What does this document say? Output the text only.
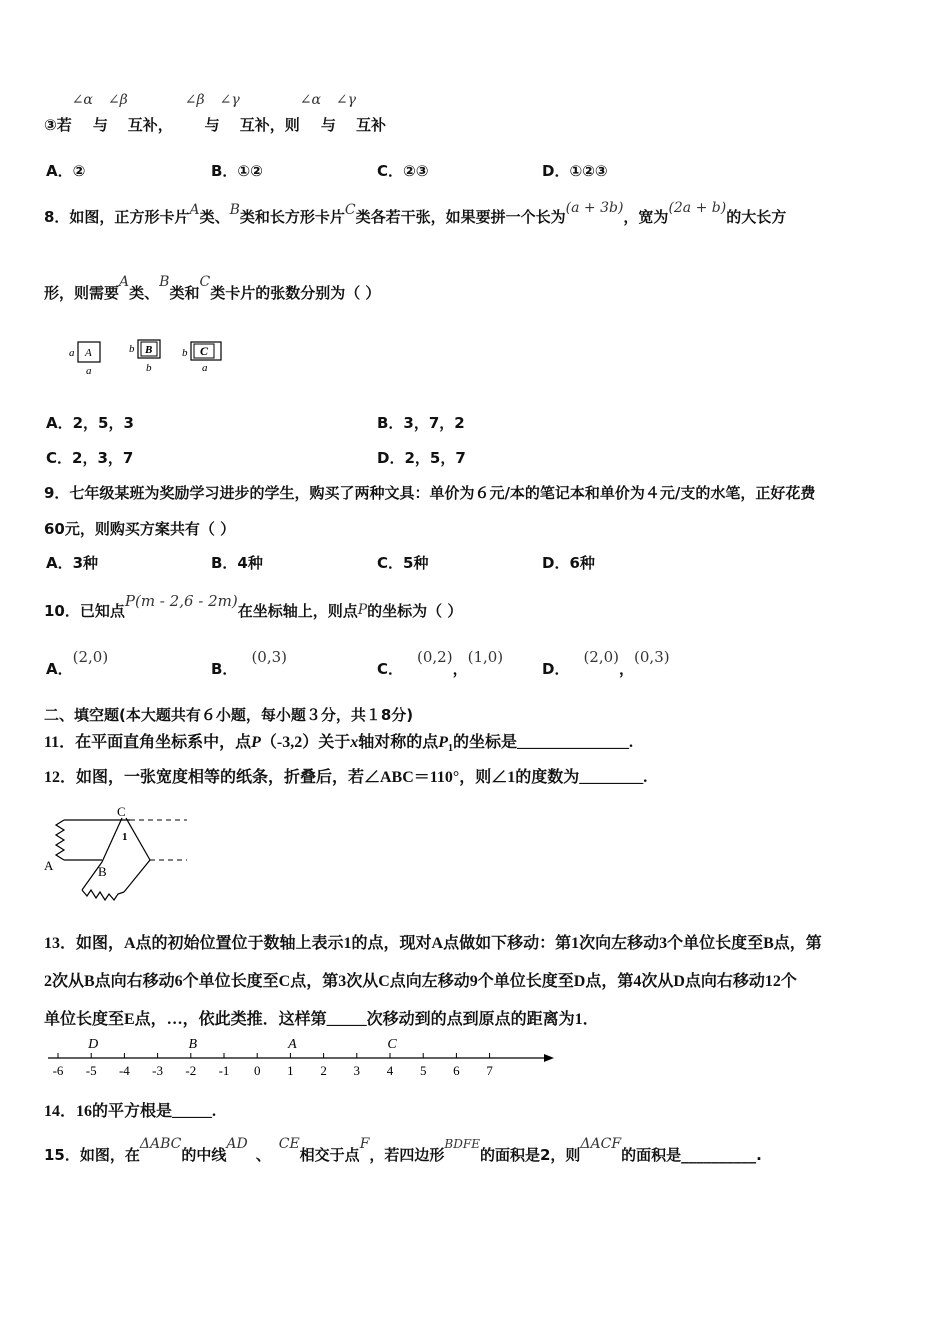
③若∠α与∠β互补，∠β与∠γ互补，则∠α与∠γ互补
A．②	B．①②	C．②③	D．①②③
8．如图，正方形卡片A类、B类和长方形卡片C类各若干张，如果要拼一个长为(a + 3b)，宽为(2a + b)的大长方
形，则需要A类、B类和C类卡片的张数分别为（ ）
a A
a
b B
b
b C
a
A．2，5，3	B．3，7，2
C．2，3，7	D．2，5，7
9．七年级某班为奖励学习进步的学生，购买了两种文具：单价为６元/本的笔记本和单价为４元/支的水笔，正好花费
60元，则购买方案共有（ ）
A．3种	B．4种	C．5种	D．6种
10．已知点P(m - 2,6 - 2m)在坐标轴上，则点P的坐标为（ ）
A．(2,0)
B．(0,3)
C．(0,2)，(1,0)
D．(2,0)，(0,3)
二、填空题(本大题共有６小题，每小题３分，共１8分)
11．在平面直角坐标系中，点P（-3,2）关于x轴对称的点$P_1$的坐标是______________.
12．如图，一张宽度相等的纸条，折叠后，若∠ABC＝110°，则∠1的度数为________.
C
1
A	B
13．如图，A点的初始位置位于数轴上表示1的点，现对A点做如下移动：第1次向左移动3个单位长度至B点，第
2次从B点向右移动6个单位长度至C点，第3次从C点向左移动9个单位长度至D点，第4次从D点向右移动12个
单位长度至E点，…，依此类推．这样第_____次移动到的点到原点的距离为1．
-6 -5 -4 -3 -2 -1 0 1 2 3 4 5 6 7
D	B	A	C
14．16的平方根是_____.
15．如图，在ΔABC的中线AD、CE相交于点F，若四边形BDFE的面积是2，则ΔACF的面积是__________.
